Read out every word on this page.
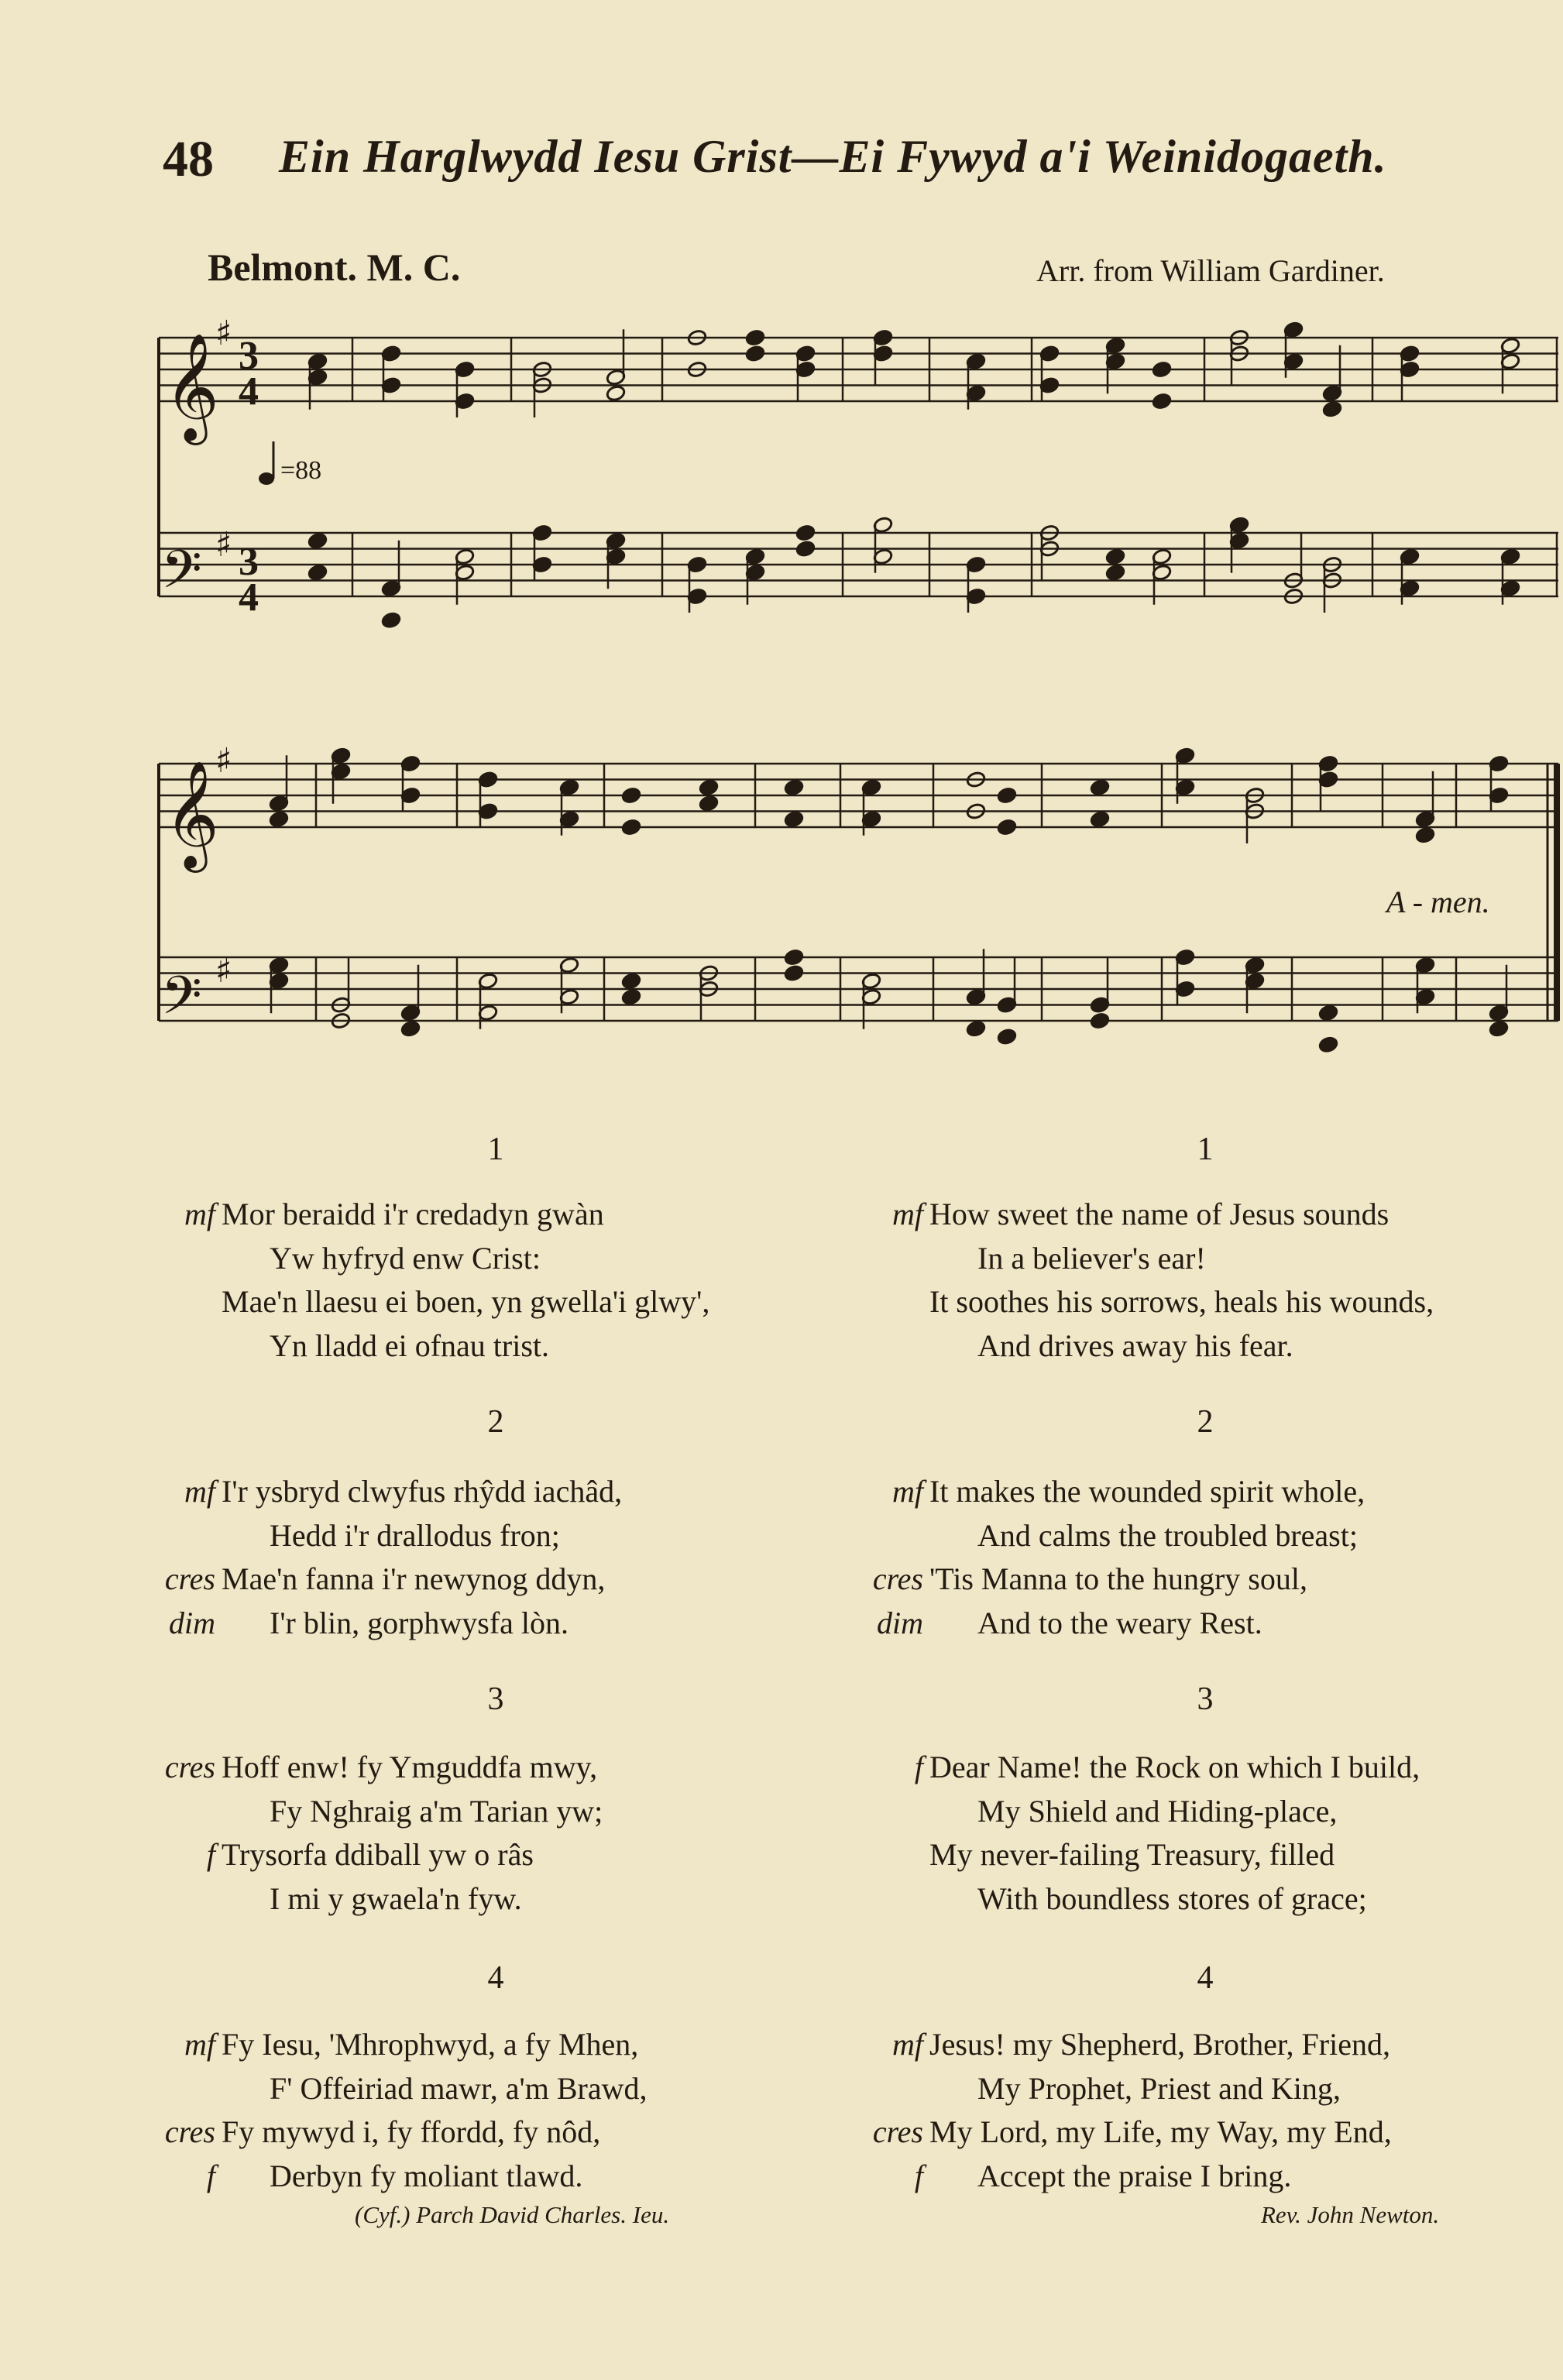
48 Ein Harglwydd Iesu Grist—Ei Fywyd a'i Weinidogaeth.
Belmont. M. C.	Arr. from William Gardiner.
𝄞
𝄢
𝄞
𝄢
♯
♯
♯
♯
3
4
3
4
=88
A - men.
1	1
mf Mor beraidd i'r credadyn gwàn
Yw hyfryd enw Crist:
Mae'n llaesu ei boen, yn gwella'i glwy',
Yn lladd ei ofnau trist.
mf How sweet the name of Jesus sounds
In a believer's ear!
It soothes his sorrows, heals his wounds,
And drives away his fear.
2	2
mf I'r ysbryd clwyfus rhŷdd iachâd,
Hedd i'r drallodus fron;
cres Mae'n fanna i'r newynog ddyn,
dim I'r blin, gorphwysfa lòn.
mf It makes the wounded spirit whole,
And calms the troubled breast;
cres 'Tis Manna to the hungry soul,
dim And to the weary Rest.
3	3
cres Hoff enw! fy Ymguddfa mwy,
Fy Nghraig a'm Tarian yw;
f Trysorfa ddiball yw o râs
I mi y gwaela'n fyw.
f Dear Name! the Rock on which I build,
My Shield and Hiding-place,
My never-failing Treasury, filled
With boundless stores of grace;
4	4
mf Fy Iesu, 'Mhrophwyd, a fy Mhen,
F' Offeiriad mawr, a'm Brawd,
cres Fy mywyd i, fy ffordd, fy nôd,
f Derbyn fy moliant tlawd.
mf Jesus! my Shepherd, Brother, Friend,
My Prophet, Priest and King,
cres My Lord, my Life, my Way, my End,
f Accept the praise I bring.
(Cyf.) Parch David Charles. Ieu.	Rev. John Newton.
